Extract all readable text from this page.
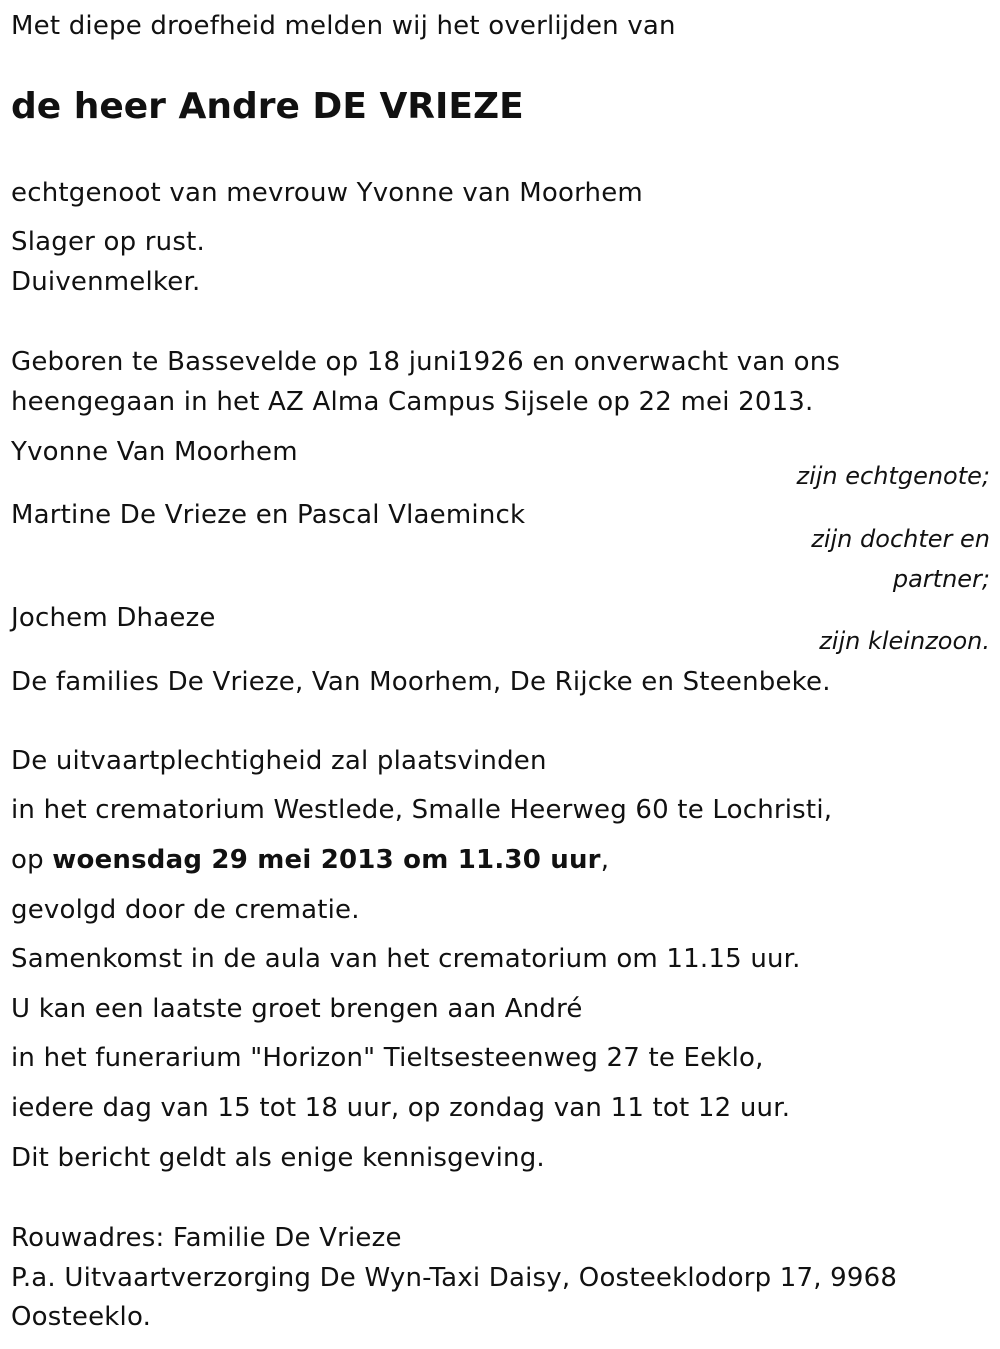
Met diepe droefheid melden wij het overlijden van
de heer Andre DE VRIEZE
echtgenoot van mevrouw Yvonne van Moorhem
Slager op rust.
Duivenmelker.
Geboren te Bassevelde op 18 juni1926 en onverwacht van ons
heengegaan in het AZ Alma Campus Sijsele op 22 mei 2013.
Yvonne Van Moorhem
zijn echtgenote;
Martine De Vrieze en Pascal Vlaeminck
zijn dochter en
partner;
Jochem Dhaeze
zijn kleinzoon.
De families De Vrieze, Van Moorhem, De Rijcke en Steenbeke.
De uitvaartplechtigheid zal plaatsvinden
in het crematorium Westlede, Smalle Heerweg 60 te Lochristi,
op woensdag 29 mei 2013 om 11.30 uur,
gevolgd door de crematie.
Samenkomst in de aula van het crematorium om 11.15 uur.
U kan een laatste groet brengen aan André
in het funerarium "Horizon" Tieltsesteenweg 27 te Eeklo,
iedere dag van 15 tot 18 uur, op zondag van 11 tot 12 uur.
Dit bericht geldt als enige kennisgeving.
Rouwadres: Familie De Vrieze
P.a. Uitvaartverzorging De Wyn-Taxi Daisy, Oosteeklodorp 17, 9968
Oosteeklo.
